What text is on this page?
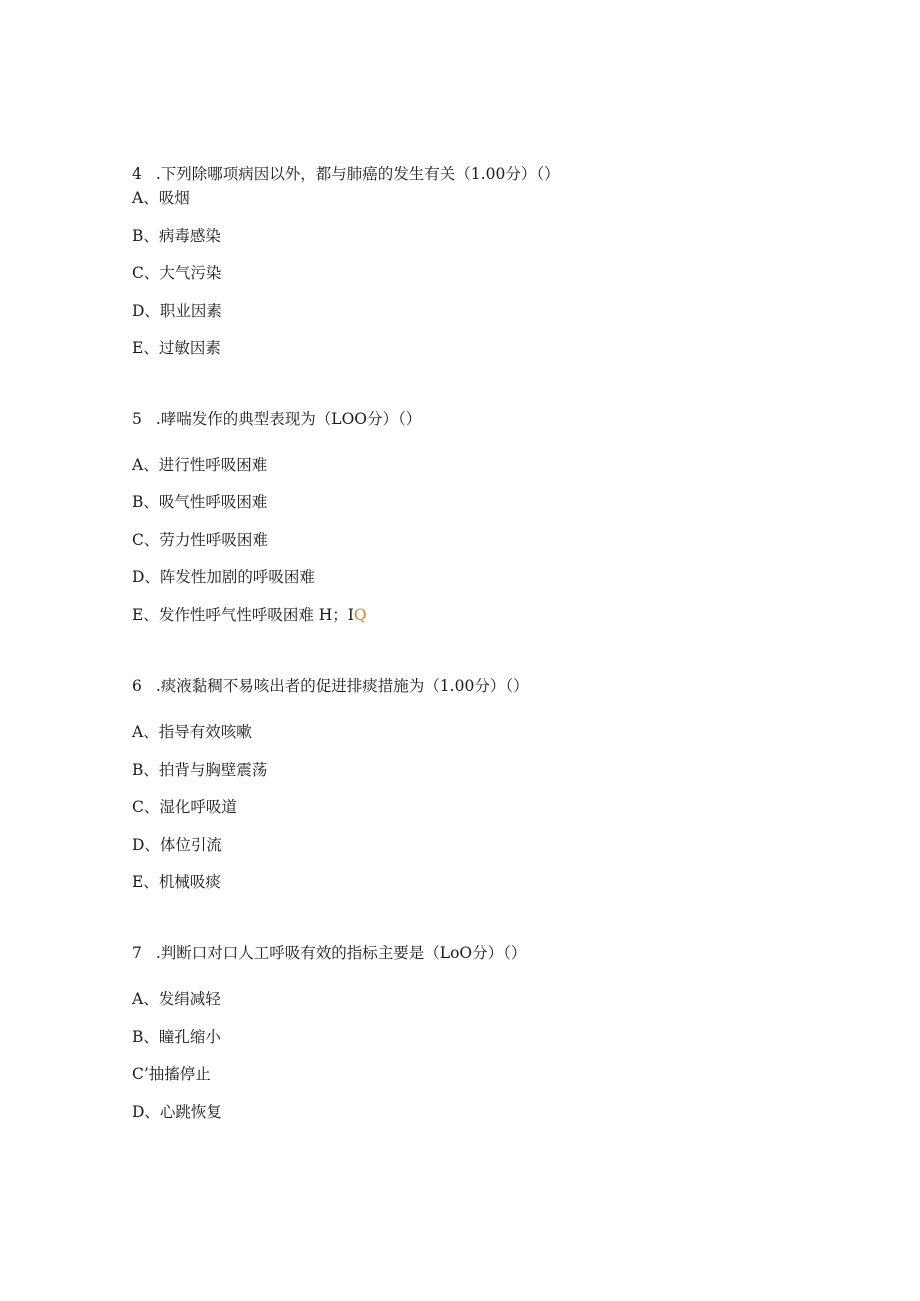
4 .下列除哪项病因以外，都与肺癌的发生有关（1.00分）（）
A、吸烟
B、病毒感染
C、大气污染
D、职业因素
E、过敏因素
5 .哮喘发作的典型表现为（LOO分）（）
A、进行性呼吸困难
B、吸气性呼吸困难
C、劳力性呼吸困难
D、阵发性加剧的呼吸困难
E、发作性呼气性呼吸困难 H；IQ
6 .痰液黏稠不易咳出者的促进排痰措施为（1.00分）（）
A、指导有效咳嗽
B、拍背与胸壁震荡
C、湿化呼吸道
D、体位引流
E、机械吸痰
7 .判断口对口人工呼吸有效的指标主要是（LoO分）（）
A、发绢减轻
B、瞳孔缩小
C’抽搐停止
D、心跳恢复
